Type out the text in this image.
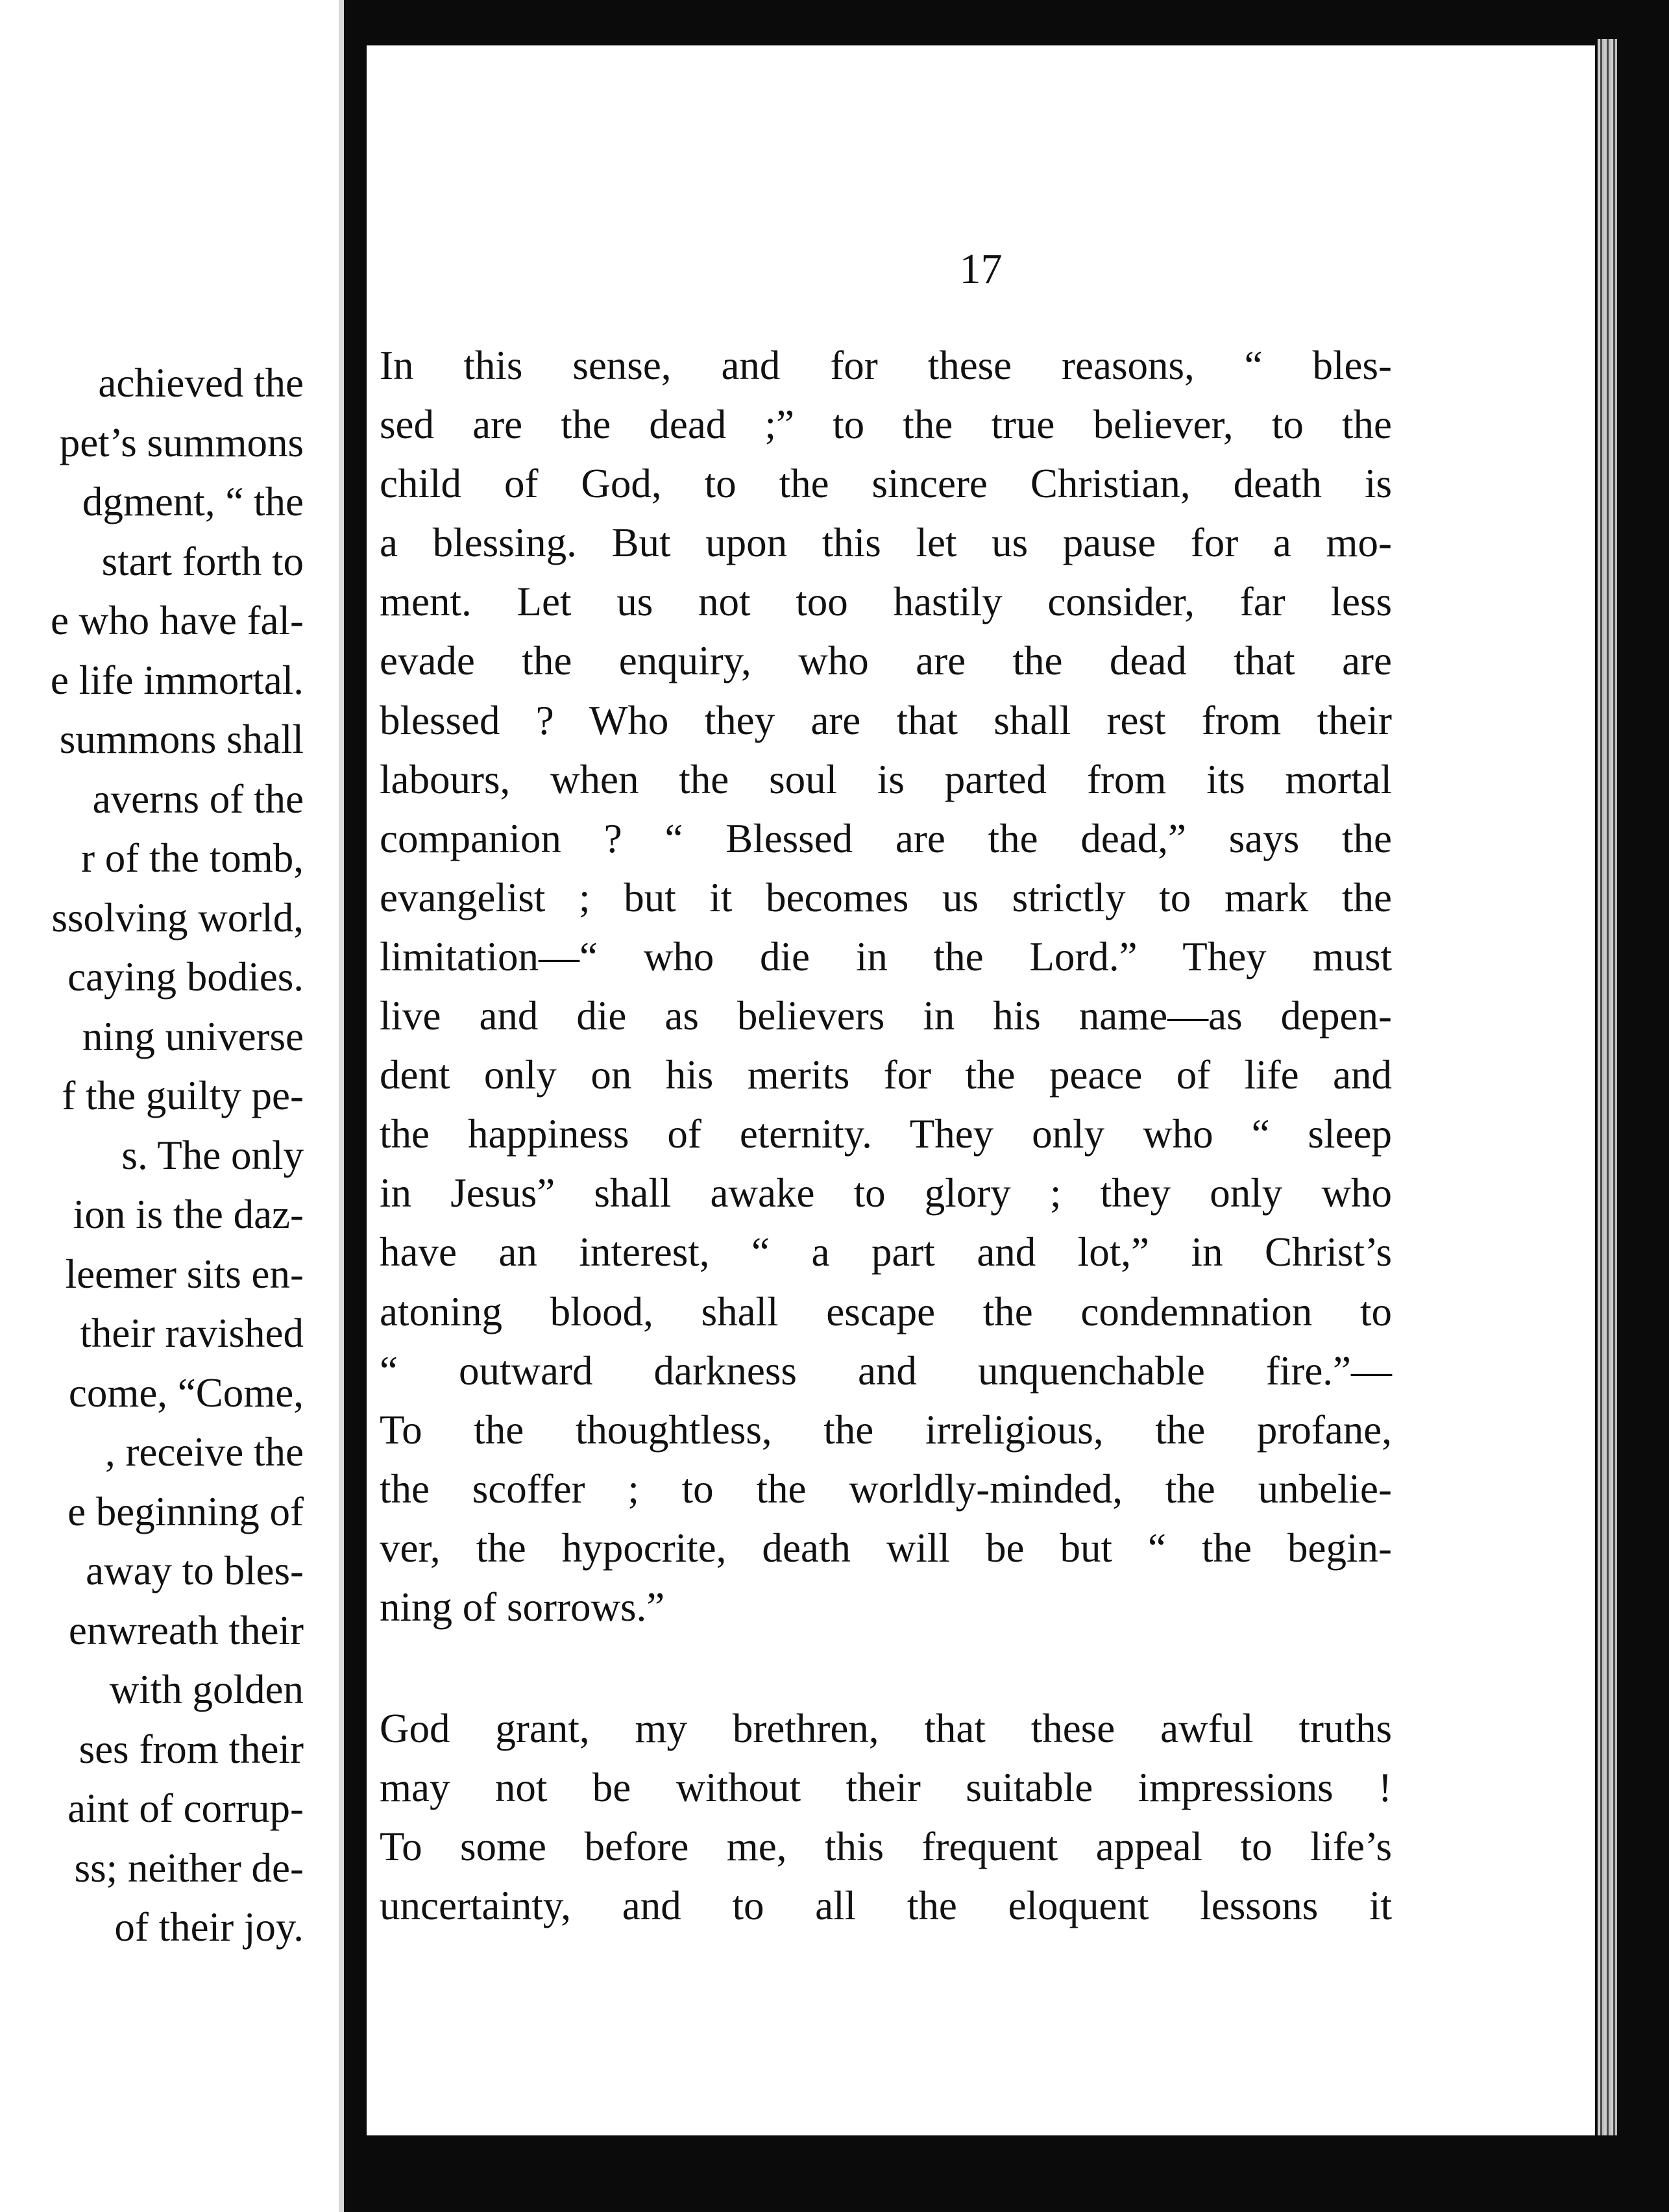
achieved the
pet’s summons
dgment, “ the
start forth to
e who have fal-
e life immortal.
summons shall
averns of the
r of the tomb,
ssolving world,
caying bodies.
ning universe
f the guilty pe-
s. The only
ion is the daz-
leemer sits en-
their ravished
come, “Come,
, receive the
e beginning of
away to bles-
enwreath their
with golden
ses from their
aint of corrup-
ss; neither de-
of their joy.
17
In this sense, and for these reasons, “ bles-
sed are the dead ;” to the true believer, to the
child of God, to the sincere Christian, death is
a blessing. But upon this let us pause for a mo-
ment. Let us not too hastily consider, far less
evade the enquiry, who are the dead that are
blessed ? Who they are that shall rest from their
labours, when the soul is parted from its mortal
companion ? “ Blessed are the dead,” says the
evangelist ; but it becomes us strictly to mark the
limitation—“ who die in the Lord.” They must
live and die as believers in his name—as depen-
dent only on his merits for the peace of life and
the happiness of eternity. They only who “ sleep
in Jesus” shall awake to glory ; they only who
have an interest, “ a part and lot,” in Christ’s
atoning blood, shall escape the condemnation to
“ outward darkness and unquenchable fire.”—
To the thoughtless, the irreligious, the profane,
the scoffer ; to the worldly-minded, the unbelie-
ver, the hypocrite, death will be but “ the begin-
ning of sorrows.”
God grant, my brethren, that these awful truths
may not be without their suitable impressions !
To some before me, this frequent appeal to life’s
uncertainty, and to all the eloquent lessons it
